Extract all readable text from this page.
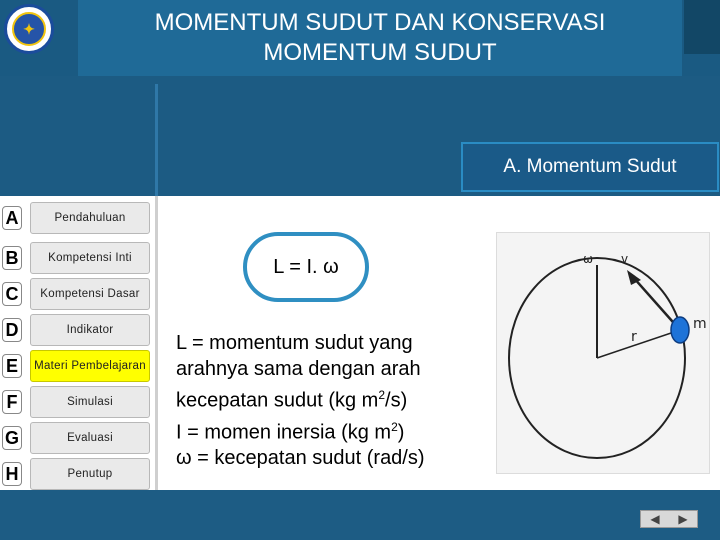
✦	MOMENTUM SUDUT DAN KONSERVASI
MOMENTUM SUDUT
A. Momentum Sudut
A	Pendahuluan
B	Kompetensi Inti
C	Kompetensi Dasar
D	Indikator
E	Materi Pembelajaran
F	Simulasi
G	Evaluasi
H	Penutup
L = I. ω
L = momentum sudut yang
arahnya sama dengan arah
kecepatan sudut (kg $m^2/s$)
I = momen inersia (kg $m^2$)
ω = kecepatan sudut (rad/s)
ω v
r
m
◀	▶
